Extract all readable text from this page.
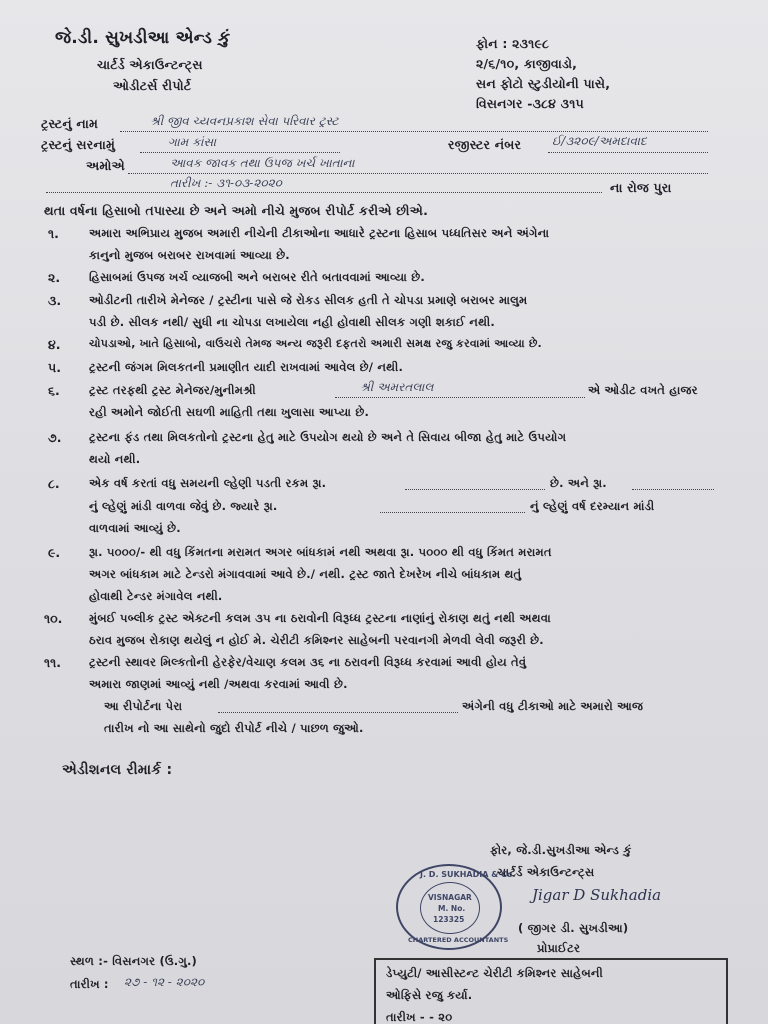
જે.ડી. સુખડીઆ એન્ડ કું
ચાર્ટર્ડ એકાઉન્ટન્ટ્સ
ઓડીટર્સ રીપોર્ટ
ફોન : ૨૩૧૯૮
૨/૬/૧૦, કાજીવાડો,
સન ફોટો સ્ટુડીયોની પાસે,
વિસનગર -૩૮૪ ૩૧૫
ટ્રસ્ટનું નામ	શ્રી જીવ ચ્યવનપ્રકાશ સેવા પરિવાર ટ્રસ્ટ
ટ્રસ્ટનું સરનામું	ગામ કાંસા	રજીસ્ટર નંબર	ઈ/૩૨૦૯/અમદાવાદ
અમોએ	આવક જાવક તથા ઉપજ ખર્ચ ખાતાના
તારીખ :- ૩૧-૦૩-૨૦૨૦	ના રોજ પુરા
થતા વર્ષના હિસાબો તપાસ્યા છે અને અમો નીચે મુજબ રીપોર્ટ કરીએ છીએ.
૧.	અમારા અભિપ્રાય મુજબ અમારી નીચેની ટીકાઓના આધારે ટ્રસ્ટના હિસાબ પધ્ધતિસર અને અંગેના
કાનુનો મુજબ બરાબર રાખવામાં આવ્યા છે.
૨.	હિસાબમાં ઉપજ ખર્ચ વ્યાજબી અને બરાબર રીતે બતાવવામાં આવ્યા છે.
૩. ઓડીટની તારીખે મેનેજર / ટ્રસ્ટીના પાસે જે રોકડ સીલક હતી તે ચોપડા પ્રમાણે બરાબર માલુમ
પડી છે. સીલક નથી/ સુધી ના ચોપડા લખાયેલા નહી હોવાથી સીલક ગણી શકાઈ નથી.
૪.	ચોપડાઓ, ખાતે હિસાબો, વાઉચરો તેમજ અન્ય જરૂરી દફતરો અમારી સમક્ષ રજુ કરવામાં આવ્યા છે.
૫. ટ્રસ્ટની જંગમ મિલકતની પ્રમાણીત યાદી રાખવામાં આવેલ છે/ નથી.
૬.	ટ્રસ્ટ તરફથી ટ્રસ્ટ મેનેજર/મુનીમશ્રી	શ્રી અમરતલાલ	એ ઓડીટ વખતે હાજર
રહી અમોને જોઈતી સઘળી માહિતી તથા ખુલાસા આપ્યા છે.
૭. ટ્રસ્ટના ફંડ તથા મિલકતોનો ટ્રસ્ટના હેતુ માટે ઉપયોગ થયો છે અને તે સિવાય બીજા હેતુ માટે ઉપયોગ
થયો નથી.
૮.	એક વર્ષ કરતાં વધુ સમયની લ્હેણી પડતી રકમ રૂા.	છે. અને રૂા.
નું લ્હેણું માંડી વાળવા જેવું છે. જ્યારે રૂા.	નું લ્હેણું વર્ષ દરમ્યાન માંડી
વાળવામાં આવ્યું છે.
૯.	રૂા. ૫૦૦૦/- થી વધુ કિંમતના મરામત અગર બાંધકામં નથી અથવા રૂા. ૫૦૦૦ થી વધુ કિંમત મરામત
અગર બાંધકામ માટે ટેન્ડરો મંગાવવામાં આવે છે./ નથી. ટ્રસ્ટ જાતે દેખરેખ નીચે બાંધકામ થતું
હોવાથી ટેન્ડર મંગાવેલ નથી.
૧૦. મુંબઈ પબ્લીક ટ્રસ્ટ એક્ટની કલમ ૩૫ ના ઠરાવોની વિરૂધ્ધ ટ્રસ્ટના નાણાંનું રોકાણ થતું નથી અથવા
ઠરાવ મુજબ રોકાણ થયેલું ન હોઈ મે. ચેરીટી કમિશ્નર સાહેબની પરવાનગી મેળવી લેવી જરૂરી છે.
૧૧. ટ્રસ્ટની સ્થાવર મિલ્કતોની હેરફેર/વેચાણ કલમ ૩૬ ના ઠરાવની વિરૂધ્ધ કરવામાં આવી હોય તેવું
અમારા જાણમાં આવ્યું નથી /અથવા કરવામાં આવી છે.
આ રીપોર્ટના પેરા	અંગેની વધુ ટીકાઓ માટે અમારો આજ
તારીખ નો આ સાથેનો જુદો રીપોર્ટ નીચે / પાછળ જુઓ.
એડીશનલ રીમાર્ક :
ફોર, જે.ડી.સુખડીઆ એન્ડ કું
ચાર્ટર્ડ એકાઉન્ટન્ટ્સ
Jigar D Sukhadia
( જીગર ડી. સુખડીઆ)
પ્રોપ્રાઈટર
J. D. SUKHADIA & Co.
VISNAGAR
M. No.
123325
CHARTERED ACCOUNTANTS
સ્થળ :- વિસનગર (ઉ.ગુ.)
તારીખ : ૨૭ - ૧૨ - ૨૦૨૦
ડેપ્યુટી/ આસીસ્ટન્ટ ચેરીટી કમિશ્નર સાહેબની
ઓફિસે રજુ કર્યા.
તારીખ - - ૨૦
